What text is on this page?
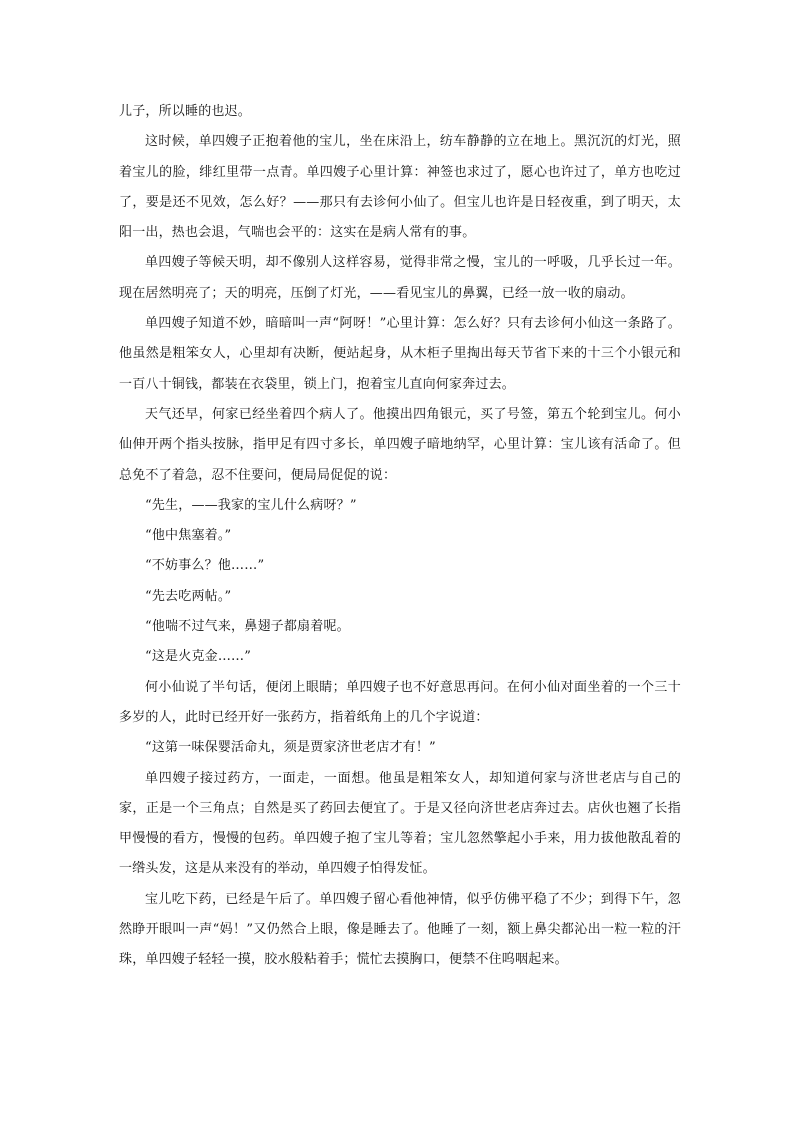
儿子，所以睡的也迟。

这时候，单四嫂子正抱着他的宝儿，坐在床沿上，纺车静静的立在地上。黑沉沉的灯光，照着宝儿的脸，绯红里带一点青。单四嫂子心里计算：神签也求过了，愿心也许过了，单方也吃过了，要是还不见效，怎么好？——那只有去诊何小仙了。但宝儿也许是日轻夜重，到了明天，太阳一出，热也会退，气喘也会平的：这实在是病人常有的事。

单四嫂子等候天明，却不像别人这样容易，觉得非常之慢，宝儿的一呼吸，几乎长过一年。现在居然明亮了；天的明亮，压倒了灯光，——看见宝儿的鼻翼，已经一放一收的扇动。

单四嫂子知道不妙，暗暗叫一声“阿呀！”心里计算：怎么好？只有去诊何小仙这一条路了。他虽然是粗笨女人，心里却有决断，便站起身，从木柜子里掏出每天节省下来的十三个小银元和一百八十铜钱，都装在衣袋里，锁上门，抱着宝儿直向何家奔过去。

天气还早，何家已经坐着四个病人了。他摸出四角银元，买了号签，第五个轮到宝儿。何小仙伸开两个指头按脉，指甲足有四寸多长，单四嫂子暗地纳罕，心里计算：宝儿该有活命了。但总免不了着急，忍不住要问，便局局促促的说：

“先生，——我家的宝儿什么病呀？”

“他中焦塞着。”

“不妨事么？他……”

“先去吃两帖。”

“他喘不过气来，鼻翅子都扇着呢。

“这是火克金……”

何小仙说了半句话，便闭上眼睛；单四嫂子也不好意思再问。在何小仙对面坐着的一个三十多岁的人，此时已经开好一张药方，指着纸角上的几个字说道：

“这第一味保婴活命丸，须是贾家济世老店才有！”

单四嫂子接过药方，一面走，一面想。他虽是粗笨女人，却知道何家与济世老店与自己的家，正是一个三角点；自然是买了药回去便宜了。于是又径向济世老店奔过去。店伙也翘了长指甲慢慢的看方，慢慢的包药。单四嫂子抱了宝儿等着；宝儿忽然擎起小手来，用力拔他散乱着的一绺头发，这是从来没有的举动，单四嫂子怕得发怔。

宝儿吃下药，已经是午后了。单四嫂子留心看他神情，似乎仿佛平稳了不少；到得下午，忽然睁开眼叫一声“妈！”又仍然合上眼，像是睡去了。他睡了一刻，额上鼻尖都沁出一粒一粒的汗珠，单四嫂子轻轻一摸，胶水般粘着手；慌忙去摸胸口，便禁不住呜咽起来。
